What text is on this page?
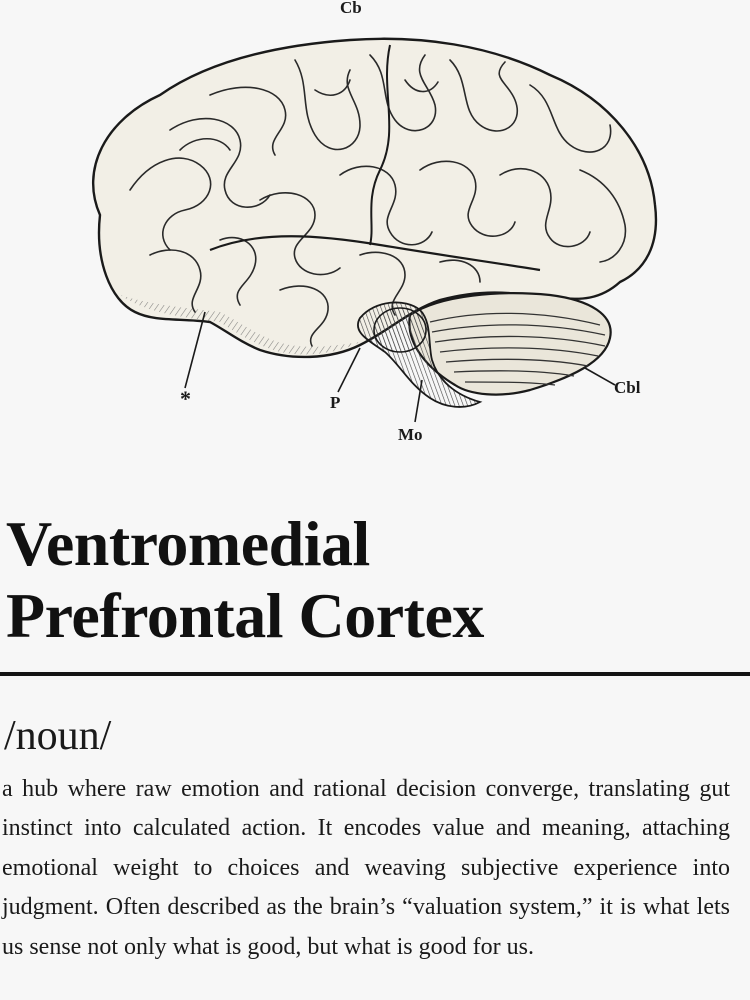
Cb
*	P
Mo
Cbl
Ventromedial
Prefrontal Cortex
/noun/

a hub where raw emotion and rational decision converge, translating gut instinct into calculated action. It encodes value and meaning, attaching emotional weight to choices and weaving subjective experience into judgment. Often described as the brain’s “valuation system,” it is what lets us sense not only what is good, but what is good for us.
